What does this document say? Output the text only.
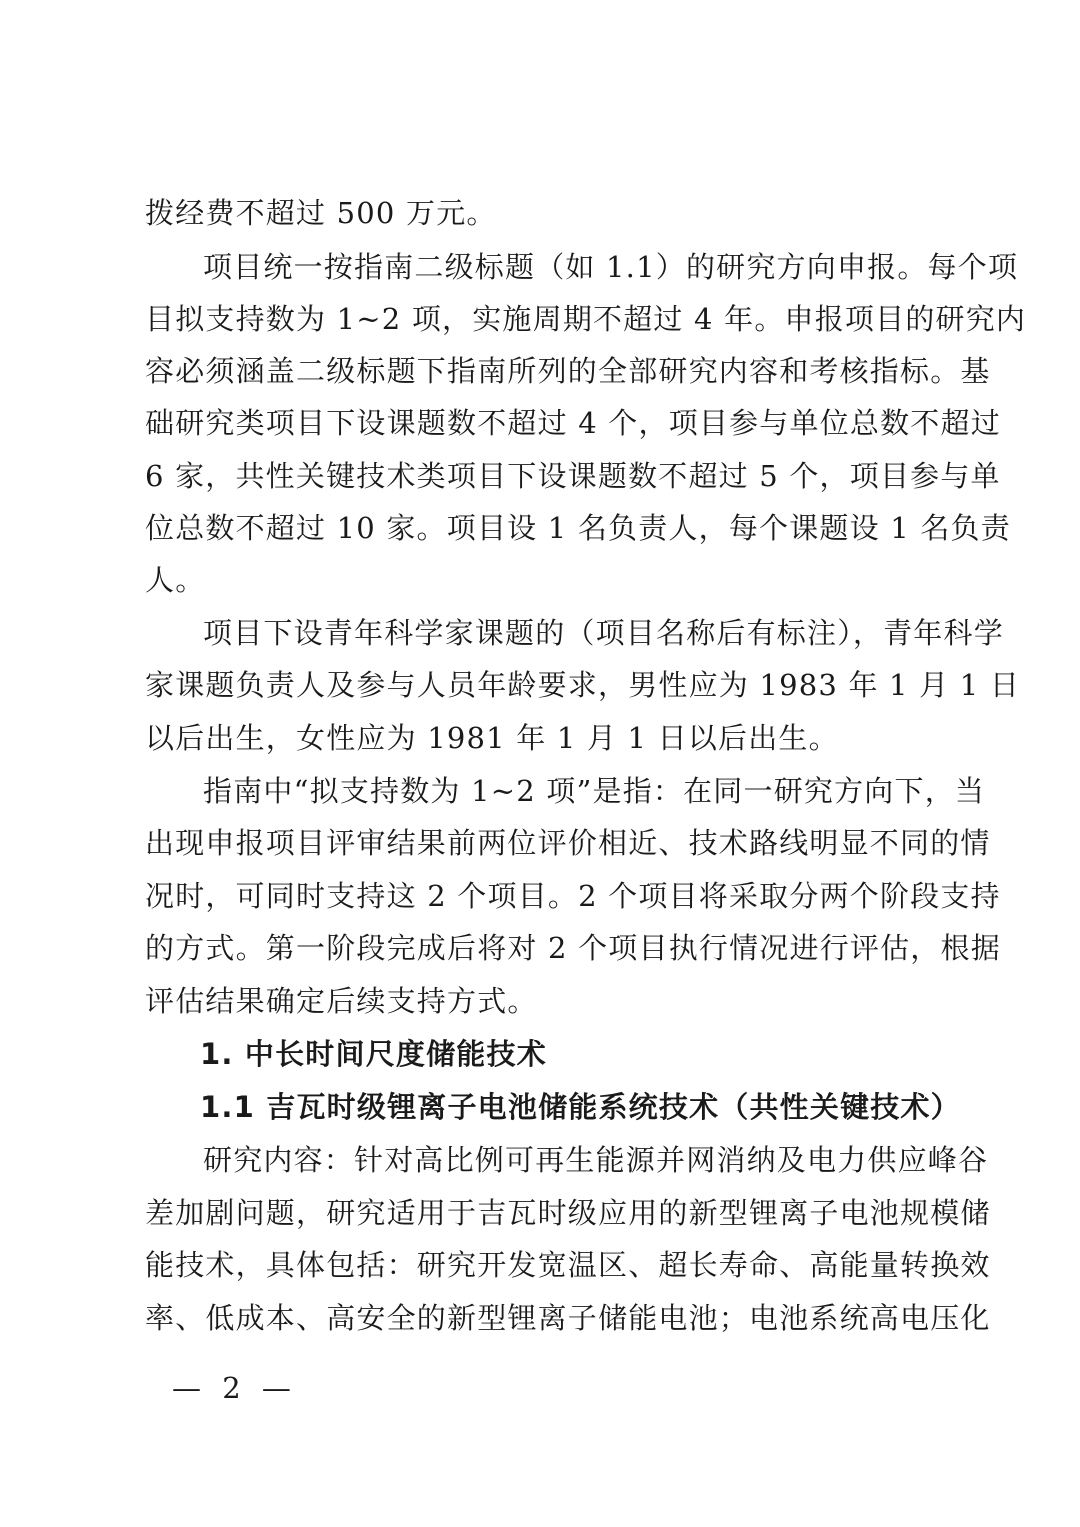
拨经费不超过 500 万元。
项目统一按指南二级标题（如 1.1）的研究方向申报。每个项
目拟支持数为 1~2 项，实施周期不超过 4 年。申报项目的研究内
容必须涵盖二级标题下指南所列的全部研究内容和考核指标。基
础研究类项目下设课题数不超过 4 个，项目参与单位总数不超过
6 家，共性关键技术类项目下设课题数不超过 5 个，项目参与单
位总数不超过 10 家。项目设 1 名负责人，每个课题设 1 名负责
人。
项目下设青年科学家课题的（项目名称后有标注），青年科学
家课题负责人及参与人员年龄要求，男性应为 1983 年 1 月 1 日
以后出生，女性应为 1981 年 1 月 1 日以后出生。
指南中“拟支持数为 1~2 项”是指：在同一研究方向下，当
出现申报项目评审结果前两位评价相近、技术路线明显不同的情
况时，可同时支持这 2 个项目。2 个项目将采取分两个阶段支持
的方式。第一阶段完成后将对 2 个项目执行情况进行评估，根据
评估结果确定后续支持方式。
1. 中长时间尺度储能技术
1.1 吉瓦时级锂离子电池储能系统技术（共性关键技术）
研究内容：针对高比例可再生能源并网消纳及电力供应峰谷
差加剧问题，研究适用于吉瓦时级应用的新型锂离子电池规模储
能技术，具体包括：研究开发宽温区、超长寿命、高能量转换效
率、低成本、高安全的新型锂离子储能电池；电池系统高电压化
— 2 —
